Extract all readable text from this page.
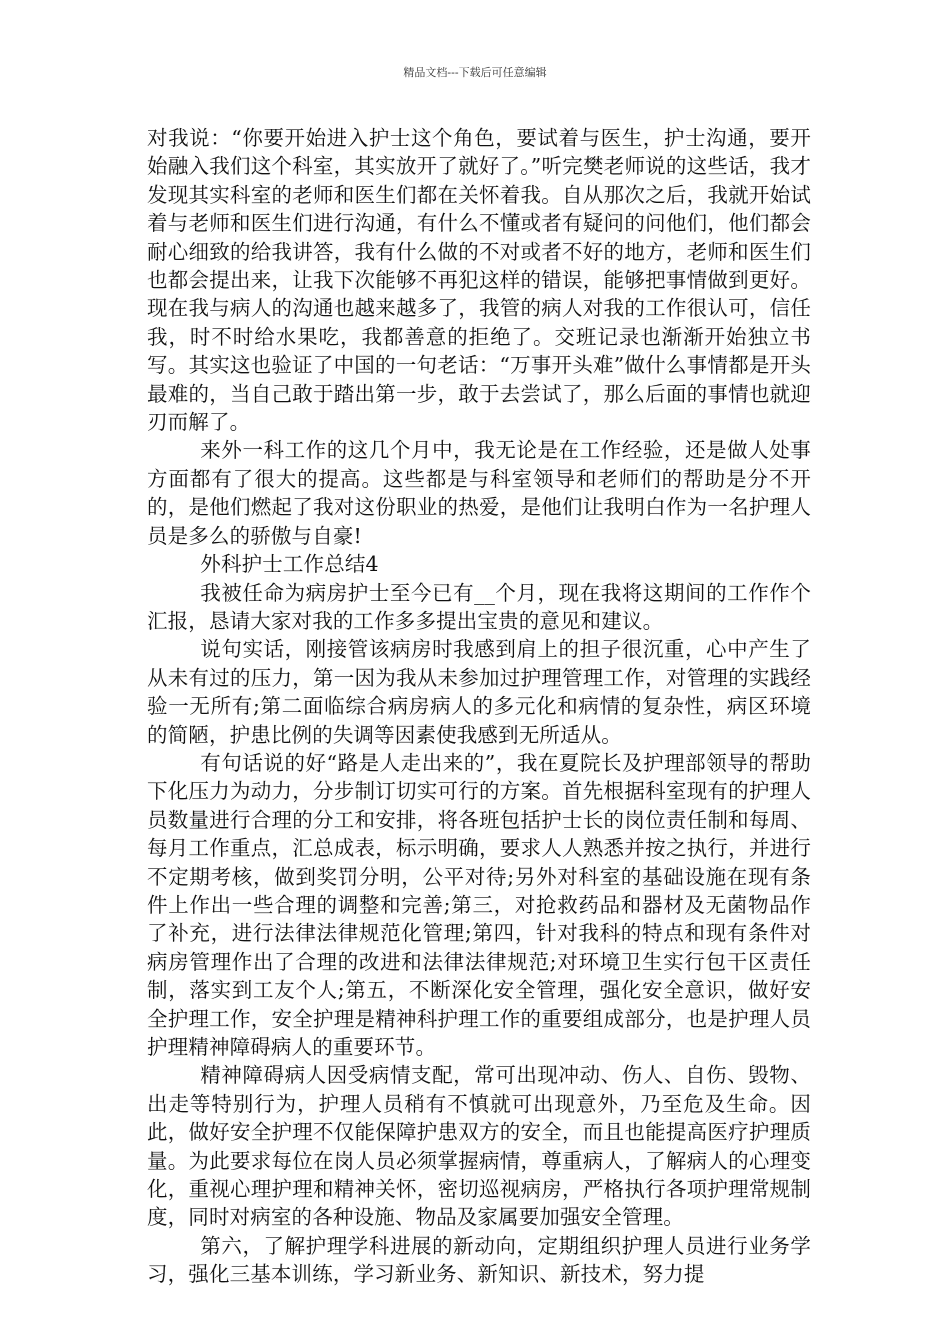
精品文档---下载后可任意编辑

对我说：“你要开始进入护士这个角色，要试着与医生，护士沟通，要开始融入我们这个科室，其实放开了就好了。”听完樊老师说的这些话，我才发现其实科室的老师和医生们都在关怀着我。自从那次之后，我就开始试着与老师和医生们进行沟通，有什么不懂或者有疑问的问他们，他们都会耐心细致的给我讲答，我有什么做的不对或者不好的地方，老师和医生们也都会提出来，让我下次能够不再犯这样的错误，能够把事情做到更好。现在我与病人的沟通也越来越多了，我管的病人对我的工作很认可，信任我，时不时给水果吃，我都善意的拒绝了。交班记录也渐渐开始独立书写。其实这也验证了中国的一句老话：“万事开头难”做什么事情都是开头最难的，当自己敢于踏出第一步，敢于去尝试了，那么后面的事情也就迎刃而解了。

来外一科工作的这几个月中，我无论是在工作经验，还是做人处事方面都有了很大的提高。这些都是与科室领导和老师们的帮助是分不开的，是他们燃起了我对这份职业的热爱，是他们让我明白作为一名护理人员是多么的骄傲与自豪!

外科护士工作总结4

我被任命为病房护士至今已有__个月，现在我将这期间的工作作个汇报，恳请大家对我的工作多多提出宝贵的意见和建议。

说句实话，刚接管该病房时我感到肩上的担子很沉重，心中产生了从未有过的压力，第一因为我从未参加过护理管理工作，对管理的实践经验一无所有;第二面临综合病房病人的多元化和病情的复杂性，病区环境的简陋，护患比例的失调等因素使我感到无所适从。

有句话说的好“路是人走出来的”，我在夏院长及护理部领导的帮助下化压力为动力，分步制订切实可行的方案。首先根据科室现有的护理人员数量进行合理的分工和安排，将各班包括护士长的岗位责任制和每周、每月工作重点，汇总成表，标示明确，要求人人熟悉并按之执行，并进行不定期考核，做到奖罚分明，公平对待;另外对科室的基础设施在现有条件上作出一些合理的调整和完善;第三，对抢救药品和器材及无菌物品作了补充，进行法律法律规范化管理;第四，针对我科的特点和现有条件对病房管理作出了合理的改进和法律法律规范;对环境卫生实行包干区责任制，落实到工友个人;第五，不断深化安全管理，强化安全意识，做好安全护理工作，安全护理是精神科护理工作的重要组成部分，也是护理人员护理精神障碍病人的重要环节。

精神障碍病人因受病情支配，常可出现冲动、伤人、自伤、毁物、出走等特别行为，护理人员稍有不慎就可出现意外，乃至危及生命。因此，做好安全护理不仅能保障护患双方的安全，而且也能提高医疗护理质量。为此要求每位在岗人员必须掌握病情，尊重病人，了解病人的心理变化，重视心理护理和精神关怀，密切巡视病房，严格执行各项护理常规制度，同时对病室的各种设施、物品及家属要加强安全管理。

第六，了解护理学科进展的新动向，定期组织护理人员进行业务学习，强化三基本训练，学习新业务、新知识、新技术，努力提
